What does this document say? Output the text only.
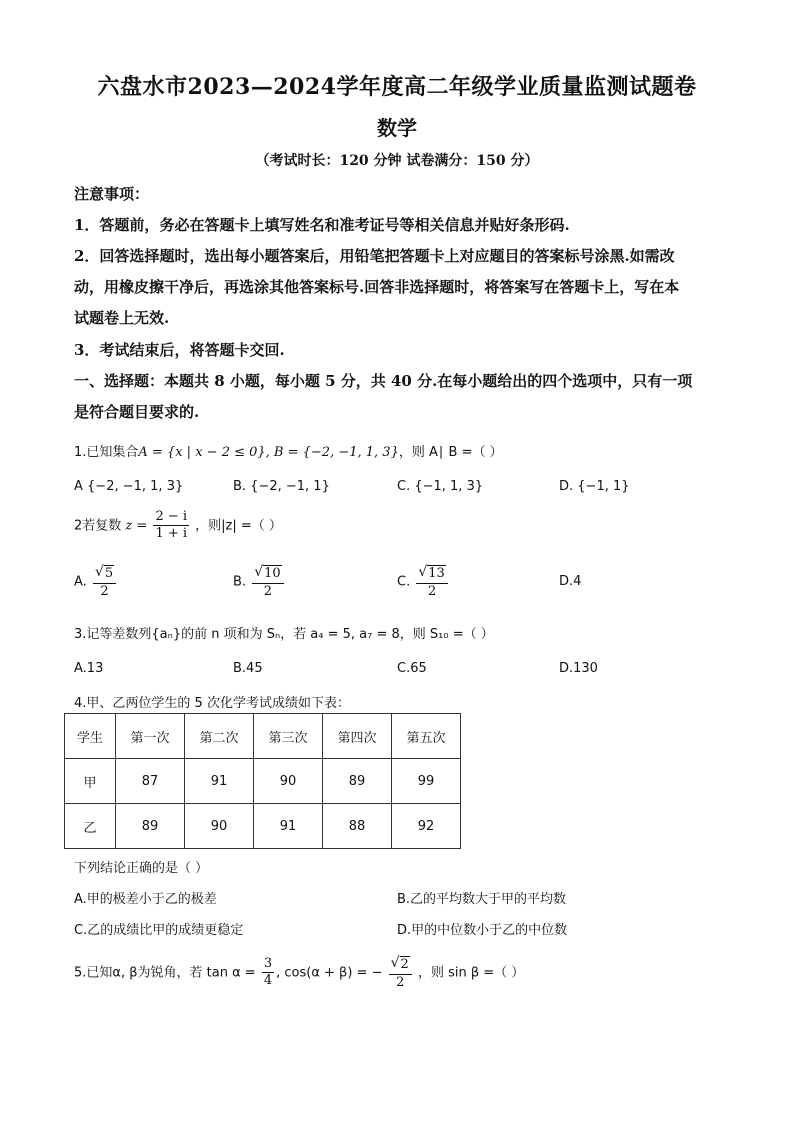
六盘水市2023—2024学年度高二年级学业质量监测试题卷
数学
（考试时长：120 分钟 试卷满分：150 分）
注意事项：
1．答题前，务必在答题卡上填写姓名和准考证号等相关信息并贴好条形码.
2．回答选择题时，选出每小题答案后，用铅笔把答题卡上对应题目的答案标号涂黑.如需改
动，用橡皮擦干净后，再选涂其他答案标号.回答非选择题时，将答案写在答题卡上，写在本
试题卷上无效.
3．考试结束后，将答题卡交回.
一、选择题：本题共 8 小题，每小题 5 分，共 40 分.在每小题给出的四个选项中，只有一项
是符合题目要求的.
1.已知集合A = {x | x − 2 ≤ 0}, B = {−2, −1, 1, 3}，则 A∣ B =（ ）
A {−2, −1, 1, 3}	B. {−2, −1, 1}	C. {−1, 1, 3}	D. {−1, 1}
2若复数 $z = \frac{2 - i}{1 + i}$ ，则|z| =（ ）
A. $\frac{√ 5}{2}$	B. $\frac{√ 10}{2}$	C. $\frac{√ 13}{2}$	D.4
3.记等差数列{aₙ}的前 n 项和为 Sₙ，若 a₄ = 5, a₇ = 8，则 S₁₀ =（ ）
A.13	B.45	C.65	D.130
4.甲、乙两位学生的 5 次化学考试成绩如下表：
学生	第一次	第二次	第三次	第四次	第五次
甲	87	91	90	89	99
乙	89	90	91	88	92
下列结论正确的是（ ）
A.甲的极差小于乙的极差	B.乙的平均数大于甲的平均数
C.乙的成绩比甲的成绩更稳定	D.甲的中位数小于乙的中位数
5.已知α, β为锐角，若 $\tan \alpha = \frac{3}{4}$ , cos(α + β) = − $\frac{√ 2}{2}$ ，则 sin β =（ ）
